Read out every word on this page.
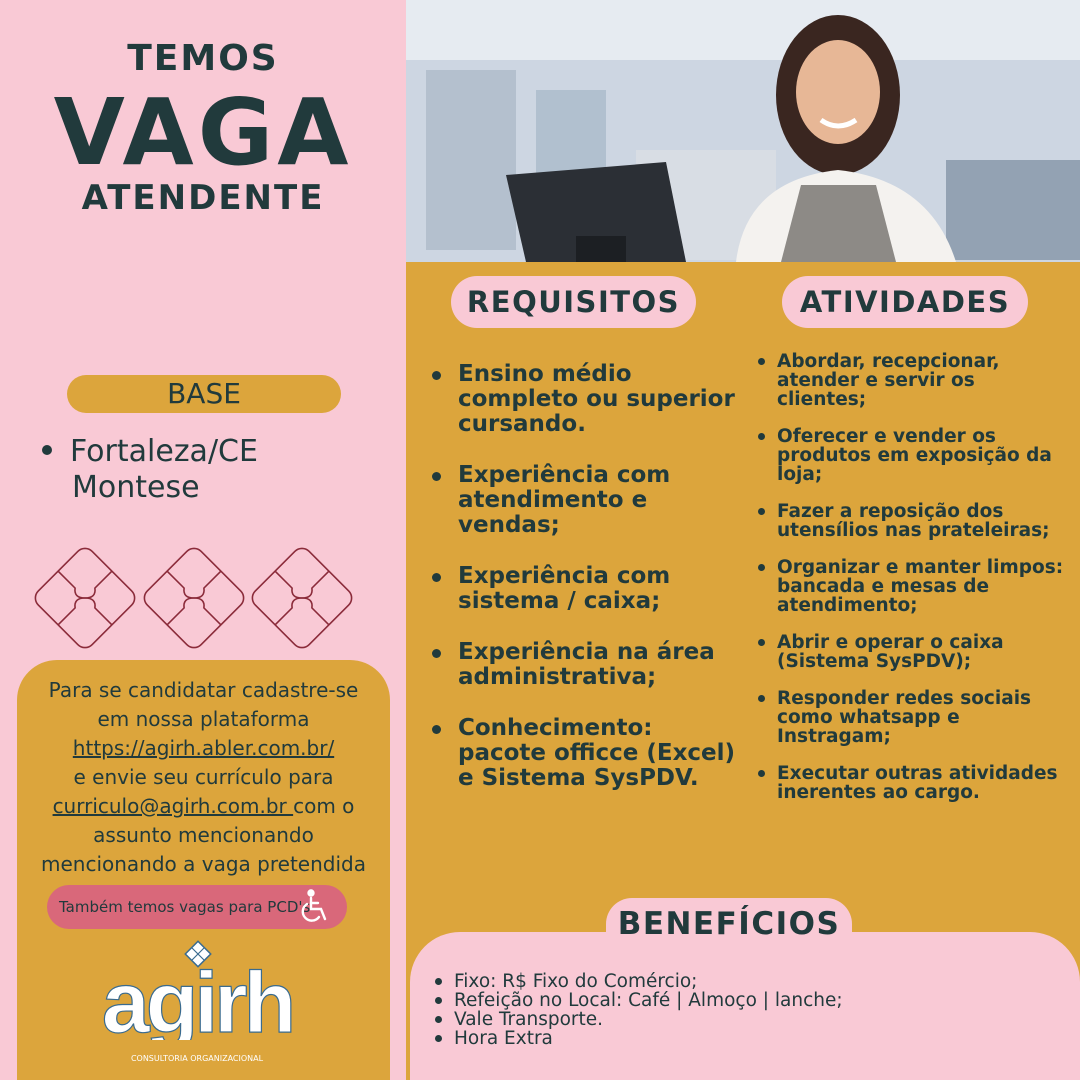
TEMOS
VAGA
ATENDENTE
BASE
Fortaleza/CE
Montese
Para se candidatar cadastre-se
em nossa plataforma
https://agirh.abler.com.br/
e envie seu currículo para
curriculo@agirh.com.br com o
assunto mencionando
mencionando a vaga pretendida
Também temos vagas para PCD's
agirh
CONSULTORIA ORGANIZACIONAL
REQUISITOS	ATIVIDADES
Ensino médio completo ou superior cursando.
Experiência com atendimento e vendas;
Experiência com sistema / caixa;
Experiência na área administrativa;
Conhecimento: pacote officce (Excel) e Sistema SysPDV.
Abordar, recepcionar, atender e servir os clientes;
Oferecer e vender os produtos em exposição da loja;
Fazer a reposição dos utensílios nas prateleiras;
Organizar e manter limpos: bancada e mesas de atendimento;
Abrir e operar o caixa (Sistema SysPDV);
Responder redes sociais como whatsapp e Instragam;
Executar outras atividades inerentes ao cargo.
BENEFÍCIOS
Fixo: R$ Fixo do Comércio;
Refeição no Local: Café | Almoço | lanche;
Vale Transporte.
Hora Extra
